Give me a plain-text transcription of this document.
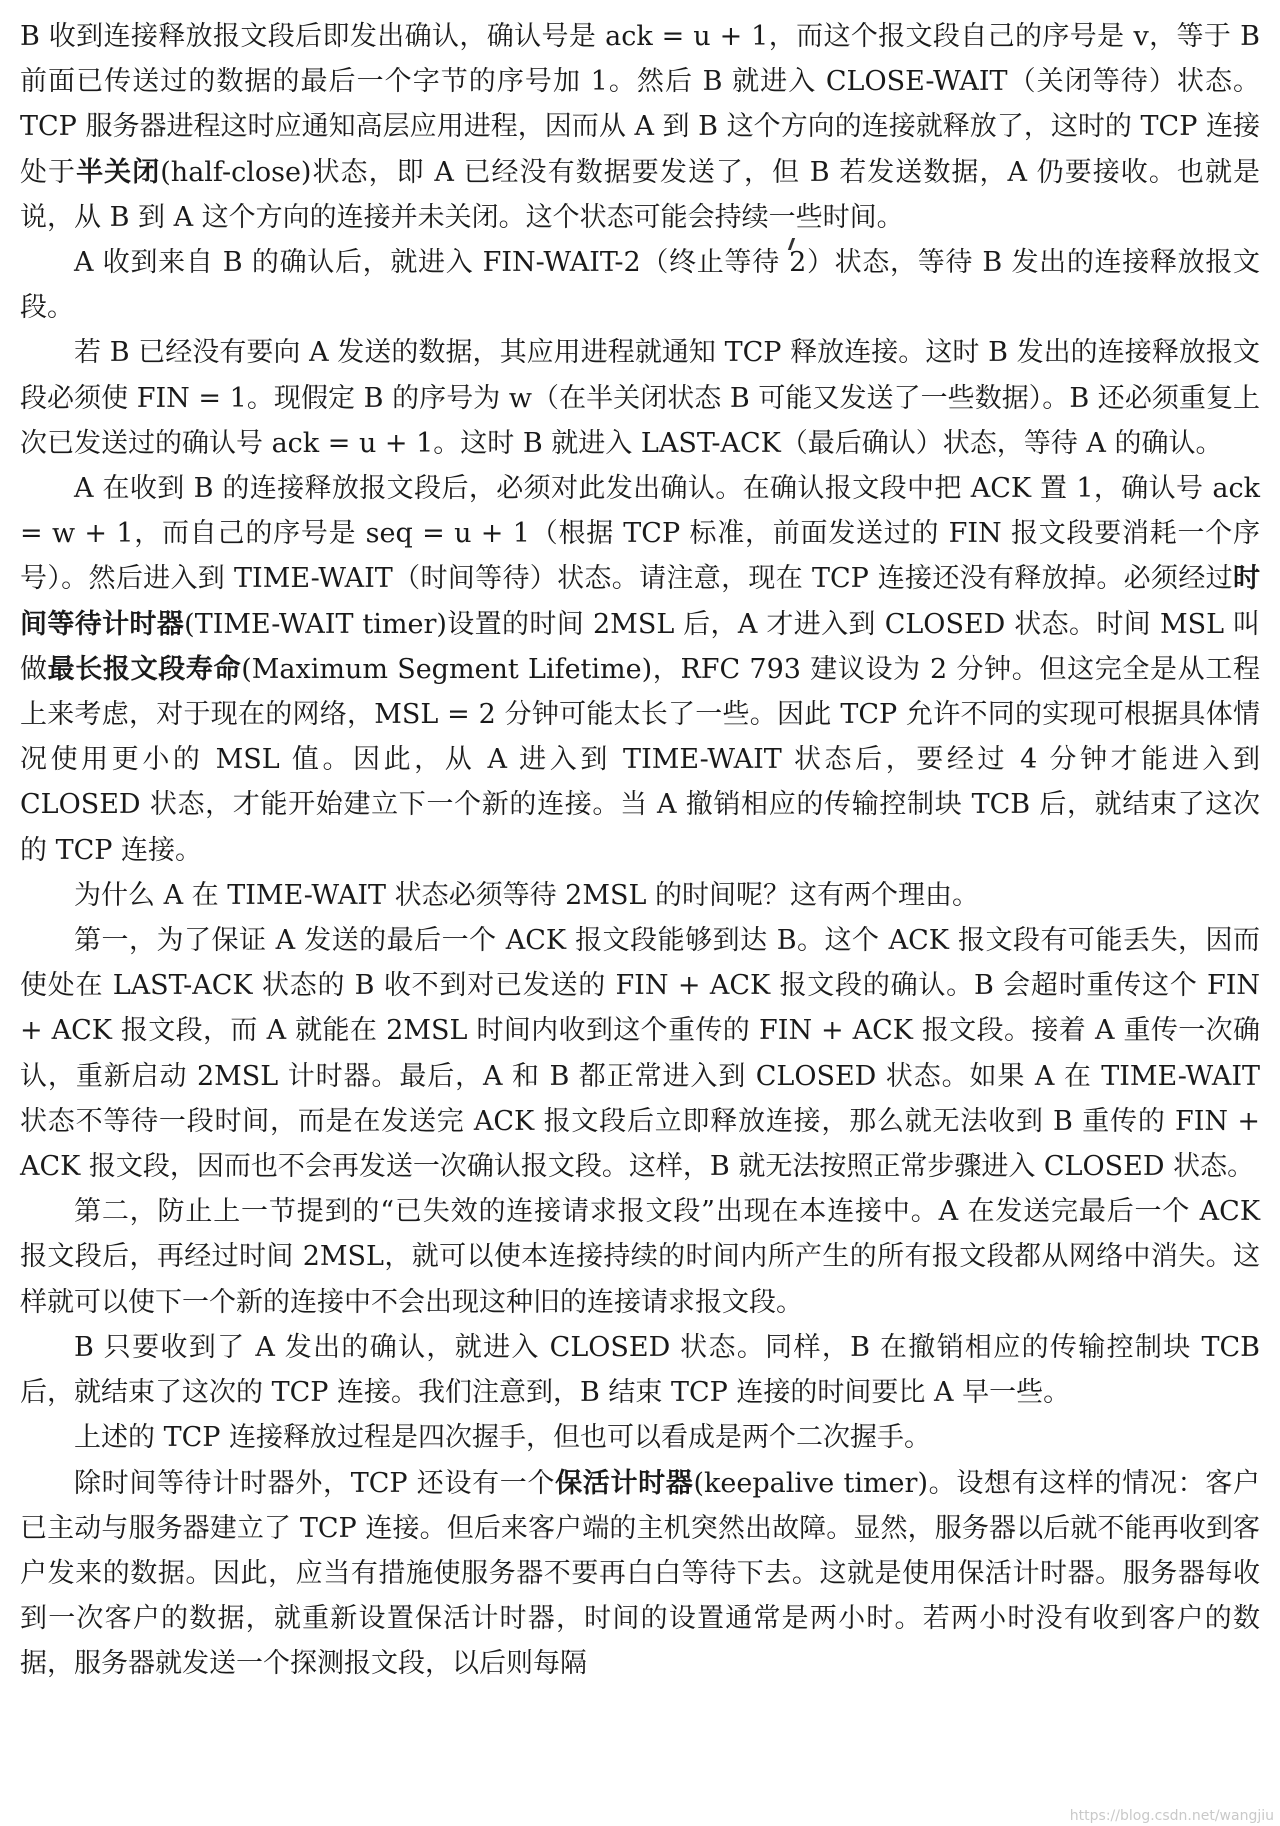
B 收到连接释放报文段后即发出确认，确认号是 ack = u + 1，而这个报文段自己的序号是 v，等于 B 前面已传送过的数据的最后一个字节的序号加 1。然后 B 就进入 CLOSE-WAIT（关闭等待）状态。TCP 服务器进程这时应通知高层应用进程，因而从 A 到 B 这个方向的连接就释放了，这时的 TCP 连接处于半关闭(half-close)状态，即 A 已经没有数据要发送了，但 B 若发送数据，A 仍要接收。也就是说，从 B 到 A 这个方向的连接并未关闭。这个状态可能会持续一些时间。

A 收到来自 B 的确认后，就进入 FIN-WAIT-2（终止等待 2）状态，等待 B 发出的连接释放报文段。

若 B 已经没有要向 A 发送的数据，其应用进程就通知 TCP 释放连接。这时 B 发出的连接释放报文段必须使 FIN = 1。现假定 B 的序号为 w（在半关闭状态 B 可能又发送了一些数据）。B 还必须重复上次已发送过的确认号 ack = u + 1。这时 B 就进入 LAST-ACK（最后确认）状态，等待 A 的确认。

A 在收到 B 的连接释放报文段后，必须对此发出确认。在确认报文段中把 ACK 置 1，确认号 ack = w + 1，而自己的序号是 seq = u + 1（根据 TCP 标准，前面发送过的 FIN 报文段要消耗一个序号）。然后进入到 TIME-WAIT（时间等待）状态。请注意，现在 TCP 连接还没有释放掉。必须经过时间等待计时器(TIME-WAIT timer)设置的时间 2MSL 后，A 才进入到 CLOSED 状态。时间 MSL 叫做最长报文段寿命(Maximum Segment Lifetime)，RFC 793 建议设为 2 分钟。但这完全是从工程上来考虑，对于现在的网络，MSL = 2 分钟可能太长了一些。因此 TCP 允许不同的实现可根据具体情况使用更小的 MSL 值。因此，从 A 进入到 TIME-WAIT 状态后，要经过 4 分钟才能进入到 CLOSED 状态，才能开始建立下一个新的连接。当 A 撤销相应的传输控制块 TCB 后，就结束了这次的 TCP 连接。

为什么 A 在 TIME-WAIT 状态必须等待 2MSL 的时间呢？这有两个理由。

第一，为了保证 A 发送的最后一个 ACK 报文段能够到达 B。这个 ACK 报文段有可能丢失，因而使处在 LAST-ACK 状态的 B 收不到对已发送的 FIN + ACK 报文段的确认。B 会超时重传这个 FIN + ACK 报文段，而 A 就能在 2MSL 时间内收到这个重传的 FIN + ACK 报文段。接着 A 重传一次确认，重新启动 2MSL 计时器。最后，A 和 B 都正常进入到 CLOSED 状态。如果 A 在 TIME-WAIT 状态不等待一段时间，而是在发送完 ACK 报文段后立即释放连接，那么就无法收到 B 重传的 FIN + ACK 报文段，因而也不会再发送一次确认报文段。这样，B 就无法按照正常步骤进入 CLOSED 状态。

第二，防止上一节提到的“已失效的连接请求报文段”出现在本连接中。A 在发送完最后一个 ACK 报文段后，再经过时间 2MSL，就可以使本连接持续的时间内所产生的所有报文段都从网络中消失。这样就可以使下一个新的连接中不会出现这种旧的连接请求报文段。

B 只要收到了 A 发出的确认，就进入 CLOSED 状态。同样，B 在撤销相应的传输控制块 TCB 后，就结束了这次的 TCP 连接。我们注意到，B 结束 TCP 连接的时间要比 A 早一些。

上述的 TCP 连接释放过程是四次握手，但也可以看成是两个二次握手。

除时间等待计时器外，TCP 还设有一个保活计时器(keepalive timer)。设想有这样的情况：客户已主动与服务器建立了 TCP 连接。但后来客户端的主机突然出故障。显然，服务器以后就不能再收到客户发来的数据。因此，应当有措施使服务器不要再白白等待下去。这就是使用保活计时器。服务器每收到一次客户的数据，就重新设置保活计时器，时间的设置通常是两小时。若两小时没有收到客户的数据，服务器就发送一个探测报文段，以后则每隔

https://blog.csdn.net/wangjiu
